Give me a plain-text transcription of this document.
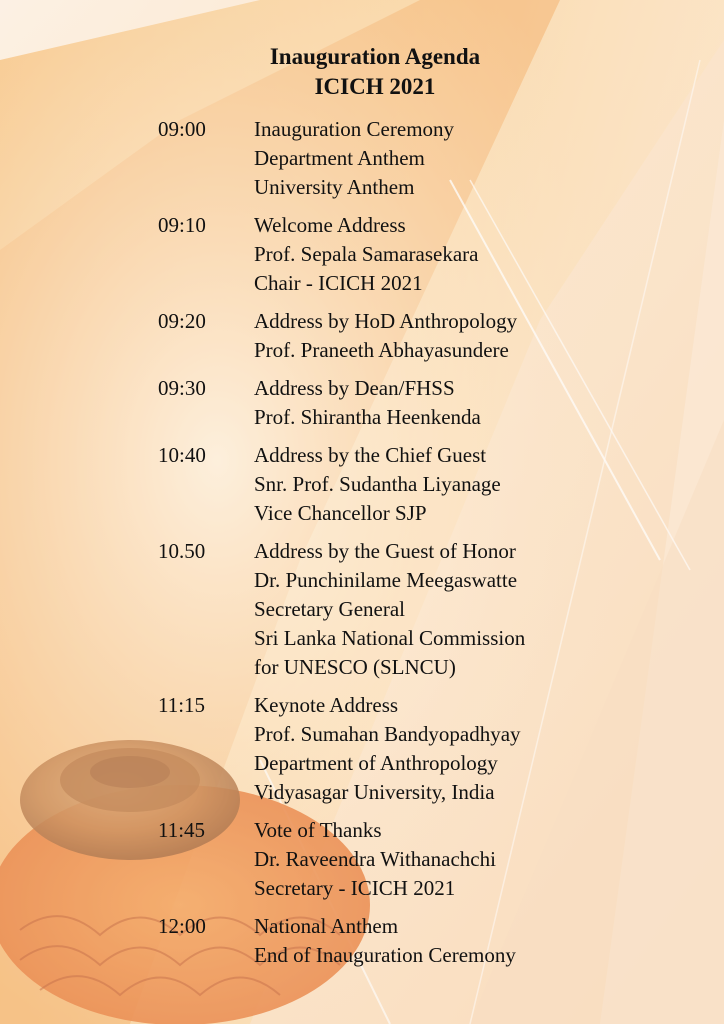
Inauguration Agenda
ICICH 2021
09:00	Inauguration Ceremony
Department Anthem
University Anthem
09:10	Welcome Address
Prof. Sepala Samarasekara
Chair - ICICH 2021
09:20	Address by HoD Anthropology
Prof. Praneeth Abhayasundere
09:30	Address by Dean/FHSS
Prof. Shirantha Heenkenda
10:40	Address by the Chief Guest
Snr. Prof. Sudantha Liyanage
Vice Chancellor SJP
10.50	Address by the Guest of Honor
Dr. Punchinilame Meegaswatte
Secretary General
Sri Lanka National Commission
for UNESCO (SLNCU)
11:15	Keynote Address
Prof. Sumahan Bandyopadhyay
Department of Anthropology
Vidyasagar University, India
11:45	Vote of Thanks
Dr. Raveendra Withanachchi
Secretary - ICICH 2021
12:00	National Anthem
End of Inauguration Ceremony
